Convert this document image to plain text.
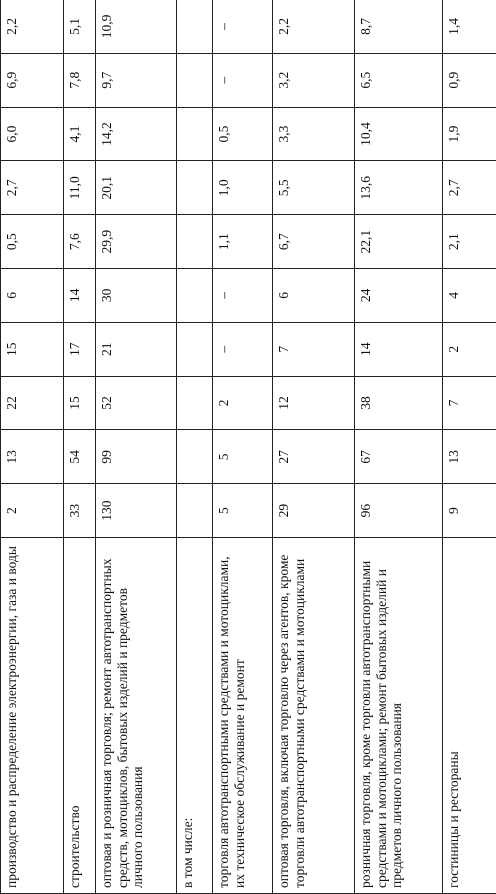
производство и распределение электроэнергии, газа и воды	2	13	22	15	6	0,5	2,7	6,0	6,9	2,2
строительство	33	54	15	17	14	7,6	11,0	4,1	7,8	5,1
оптовая и розничная торговля; ремонт автотранспортных средств, мотоциклов, бытовых изделий и предметов личного пользования	130	99	52	21	30	29,9	20,1	14,2	9,7	10,9
в том числе:										
торговля автотранспортными средствами и мотоциклами, их техническое обслуживание и ремонт	5	5	2	–	–	1,1	1,0	0,5	–	–
оптовая торговля, включая торговлю через агентов, кроме торговли автотранспортными средствами и мотоциклами	29	27	12	7	6	6,7	5,5	3,3	3,2	2,2
розничная торговля, кроме торговли автотранспортными средствами и мотоциклами; ремонт бытовых изделий и предметов личного пользования	96	67	38	14	24	22,1	13,6	10,4	6,5	8,7
гостиницы и рестораны	9	13	7	2	4	2,1	2,7	1,9	0,9	1,4
